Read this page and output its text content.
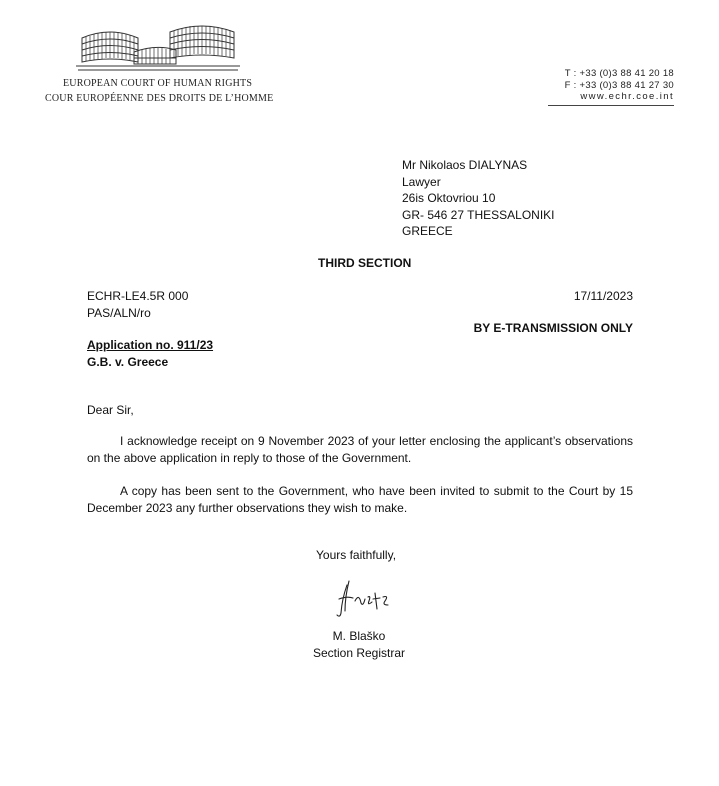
EUROPEAN COURT OF HUMAN RIGHTS
COUR EUROPÉENNE DES DROITS DE L’HOMME
T : +33 (0)3 88 41 20 18
F : +33 (0)3 88 41 27 30
www.echr.coe.int
Mr Nikolaos DIALYNAS
Lawyer
26is Oktovriou 10
GR- 546 27 THESSALONIKI
GREECE
THIRD SECTION
ECHR-LE4.5R 000
PAS/ALN/ro
17/11/2023
BY E-TRANSMISSION ONLY
Application no. 911/23
G.B. v. Greece
Dear Sir,
I acknowledge receipt on 9 November 2023 of your letter enclosing the applicant’s observations on the above application in reply to those of the Government.
A copy has been sent to the Government, who have been invited to submit to the Court by 15 December 2023 any further observations they wish to make.
Yours faithfully,
M. Blaško
Section Registrar
